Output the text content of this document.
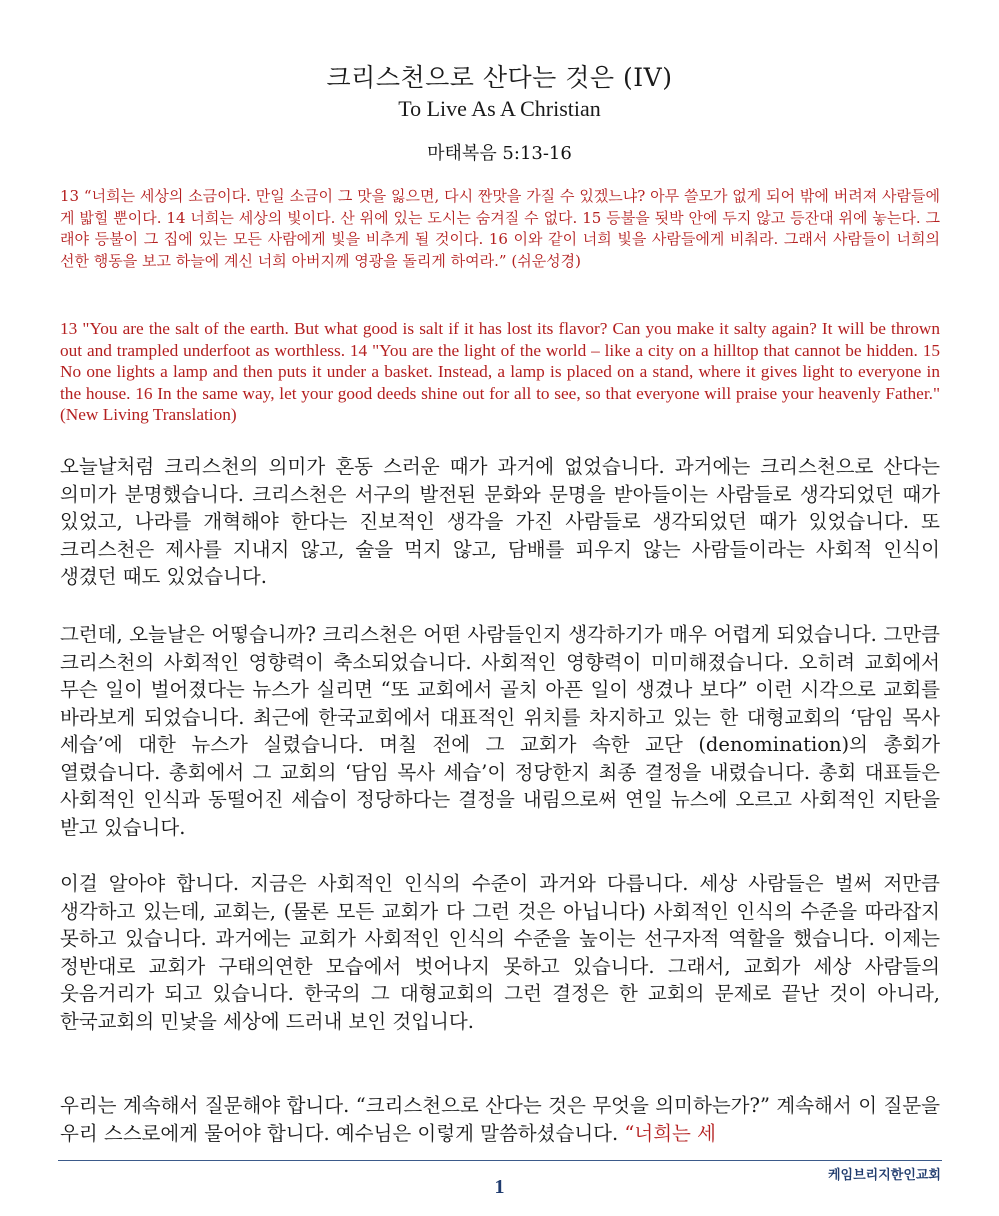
크리스천으로 산다는 것은 (IV)
To Live As A Christian
마태복음 5:13-16
13 “너희는 세상의 소금이다. 만일 소금이 그 맛을 잃으면, 다시 짠맛을 가질 수 있겠느냐? 아무 쓸모가 없게 되어 밖에 버려져 사람들에게 밟힐 뿐이다. 14 너희는 세상의 빛이다. 산 위에 있는 도시는 숨겨질 수 없다. 15 등불을 됫박 안에 두지 않고 등잔대 위에 놓는다. 그래야 등불이 그 집에 있는 모든 사람에게 빛을 비추게 될 것이다. 16 이와 같이 너희 빛을 사람들에게 비춰라. 그래서 사람들이 너희의 선한 행동을 보고 하늘에 계신 너희 아버지께 영광을 돌리게 하여라.” (쉬운성경)
13 "You are the salt of the earth. But what good is salt if it has lost its flavor? Can you make it salty again? It will be thrown out and trampled underfoot as worthless. 14 "You are the light of the world – like a city on a hilltop that cannot be hidden. 15 No one lights a lamp and then puts it under a basket. Instead, a lamp is placed on a stand, where it gives light to everyone in the house. 16 In the same way, let your good deeds shine out for all to see, so that everyone will praise your heavenly Father." (New Living Translation)
오늘날처럼 크리스천의 의미가 혼동 스러운 때가 과거에 없었습니다. 과거에는 크리스천으로 산다는 의미가 분명했습니다. 크리스천은 서구의 발전된 문화와 문명을 받아들이는 사람들로 생각되었던 때가 있었고, 나라를 개혁해야 한다는 진보적인 생각을 가진 사람들로 생각되었던 때가 있었습니다. 또 크리스천은 제사를 지내지 않고, 술을 먹지 않고, 담배를 피우지 않는 사람들이라는 사회적 인식이 생겼던 때도 있었습니다.
그런데, 오늘날은 어떻습니까? 크리스천은 어떤 사람들인지 생각하기가 매우 어렵게 되었습니다. 그만큼 크리스천의 사회적인 영향력이 축소되었습니다. 사회적인 영향력이 미미해졌습니다. 오히려 교회에서 무슨 일이 벌어졌다는 뉴스가 실리면 “또 교회에서 골치 아픈 일이 생겼나 보다” 이런 시각으로 교회를 바라보게 되었습니다. 최근에 한국교회에서 대표적인 위치를 차지하고 있는 한 대형교회의 ‘담임 목사 세습’에 대한 뉴스가 실렸습니다. 며칠 전에 그 교회가 속한 교단 (denomination)의 총회가 열렸습니다. 총회에서 그 교회의 ‘담임 목사 세습’이 정당한지 최종 결정을 내렸습니다. 총회 대표들은 사회적인 인식과 동떨어진 세습이 정당하다는 결정을 내림으로써 연일 뉴스에 오르고 사회적인 지탄을 받고 있습니다.
이걸 알아야 합니다. 지금은 사회적인 인식의 수준이 과거와 다릅니다. 세상 사람들은 벌써 저만큼 생각하고 있는데, 교회는, (물론 모든 교회가 다 그런 것은 아닙니다) 사회적인 인식의 수준을 따라잡지 못하고 있습니다. 과거에는 교회가 사회적인 인식의 수준을 높이는 선구자적 역할을 했습니다. 이제는 정반대로 교회가 구태의연한 모습에서 벗어나지 못하고 있습니다. 그래서, 교회가 세상 사람들의 웃음거리가 되고 있습니다. 한국의 그 대형교회의 그런 결정은 한 교회의 문제로 끝난 것이 아니라, 한국교회의 민낯을 세상에 드러내 보인 것입니다.
우리는 계속해서 질문해야 합니다. “크리스천으로 산다는 것은 무엇을 의미하는가?” 계속해서 이 질문을 우리 스스로에게 물어야 합니다. 예수님은 이렇게 말씀하셨습니다. “너희는 세
케임브리지한인교회
1
